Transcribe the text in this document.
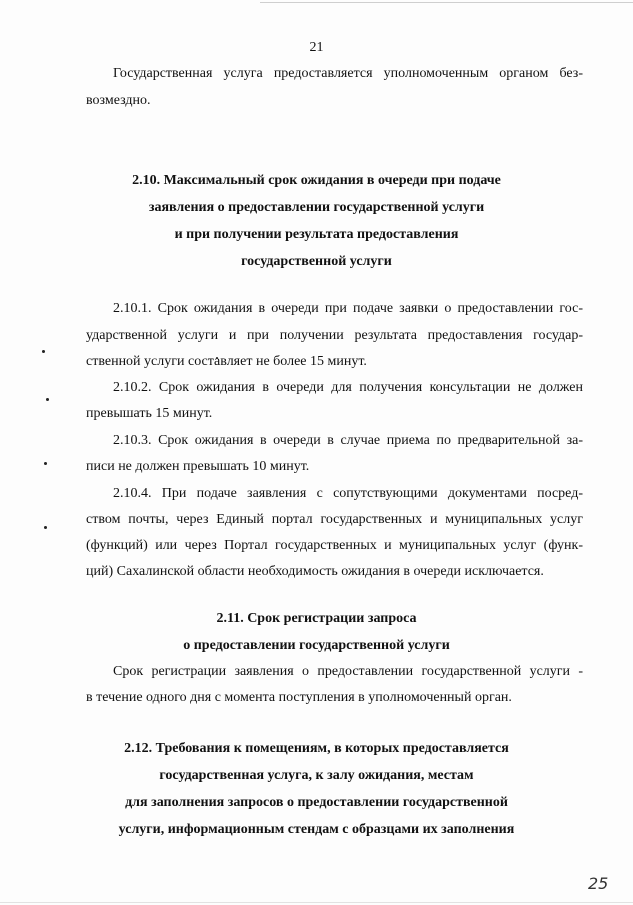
21
Государственная услуга предоставляется уполномоченным органом без-
возмездно.
2.10. Максимальный срок ожидания в очереди при подаче
заявления о предоставлении государственной услуги
и при получении результата предоставления
государственной услуги
2.10.1. Срок ожидания в очереди при подаче заявки о предоставлении гос-
ударственной услуги и при получении результата предоставления государ-
ственной услуги составляет не более 15 минут.
2.10.2. Срок ожидания в очереди для получения консультации не должен
превышать 15 минут.
2.10.3. Срок ожидания в очереди в случае приема по предварительной за-
писи не должен превышать 10 минут.
2.10.4. При подаче заявления с сопутствующими документами посред-
ством почты, через Единый портал государственных и муниципальных услуг
(функций) или через Портал государственных и муниципальных услуг (функ-
ций) Сахалинской области необходимость ожидания в очереди исключается.
2.11. Срок регистрации запроса
о предоставлении государственной услуги
Срок регистрации заявления о предоставлении государственной услуги -
в течение одного дня с момента поступления в уполномоченный орган.
2.12. Требования к помещениям, в которых предоставляется
государственная услуга, к залу ожидания, местам
для заполнения запросов о предоставлении государственной
услуги, информационным стендам с образцами их заполнения
25
